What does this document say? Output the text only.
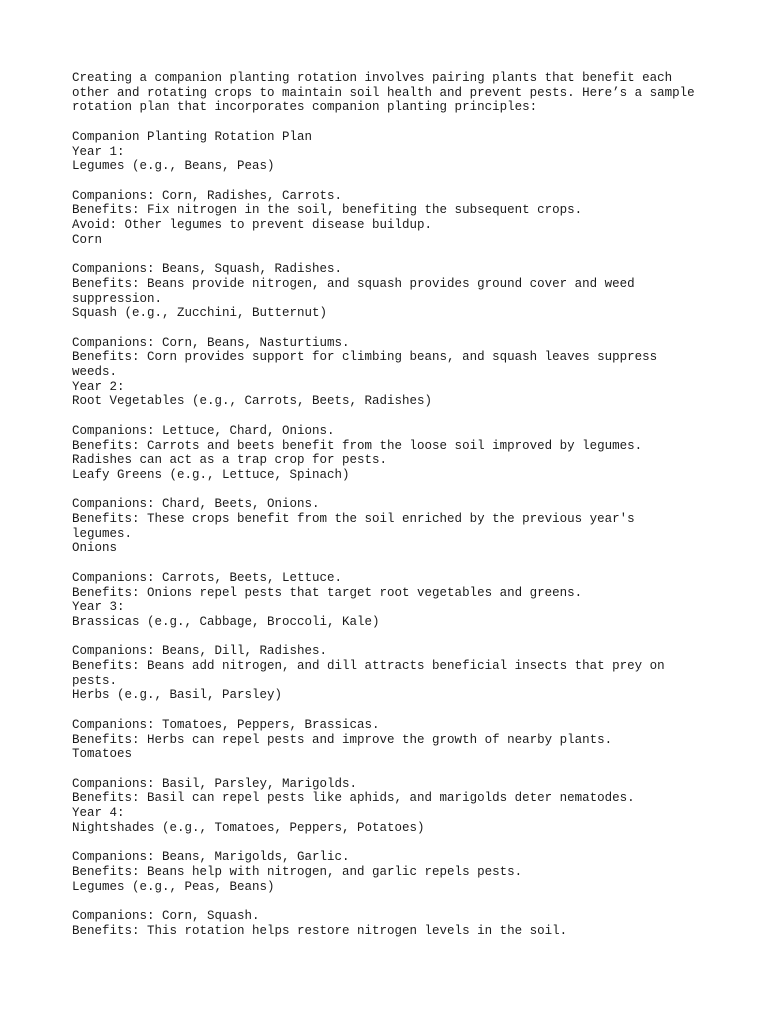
Creating a companion planting rotation involves pairing plants that benefit each
other and rotating crops to maintain soil health and prevent pests. Here’s a sample
rotation plan that incorporates companion planting principles:
Companion Planting Rotation Plan
Year 1:
Legumes (e.g., Beans, Peas)
Companions: Corn, Radishes, Carrots.
Benefits: Fix nitrogen in the soil, benefiting the subsequent crops.
Avoid: Other legumes to prevent disease buildup.
Corn
Companions: Beans, Squash, Radishes.
Benefits: Beans provide nitrogen, and squash provides ground cover and weed
suppression.
Squash (e.g., Zucchini, Butternut)
Companions: Corn, Beans, Nasturtiums.
Benefits: Corn provides support for climbing beans, and squash leaves suppress
weeds.
Year 2:
Root Vegetables (e.g., Carrots, Beets, Radishes)
Companions: Lettuce, Chard, Onions.
Benefits: Carrots and beets benefit from the loose soil improved by legumes.
Radishes can act as a trap crop for pests.
Leafy Greens (e.g., Lettuce, Spinach)
Companions: Chard, Beets, Onions.
Benefits: These crops benefit from the soil enriched by the previous year's
legumes.
Onions
Companions: Carrots, Beets, Lettuce.
Benefits: Onions repel pests that target root vegetables and greens.
Year 3:
Brassicas (e.g., Cabbage, Broccoli, Kale)
Companions: Beans, Dill, Radishes.
Benefits: Beans add nitrogen, and dill attracts beneficial insects that prey on
pests.
Herbs (e.g., Basil, Parsley)
Companions: Tomatoes, Peppers, Brassicas.
Benefits: Herbs can repel pests and improve the growth of nearby plants.
Tomatoes
Companions: Basil, Parsley, Marigolds.
Benefits: Basil can repel pests like aphids, and marigolds deter nematodes.
Year 4:
Nightshades (e.g., Tomatoes, Peppers, Potatoes)
Companions: Beans, Marigolds, Garlic.
Benefits: Beans help with nitrogen, and garlic repels pests.
Legumes (e.g., Peas, Beans)
Companions: Corn, Squash.
Benefits: This rotation helps restore nitrogen levels in the soil.
